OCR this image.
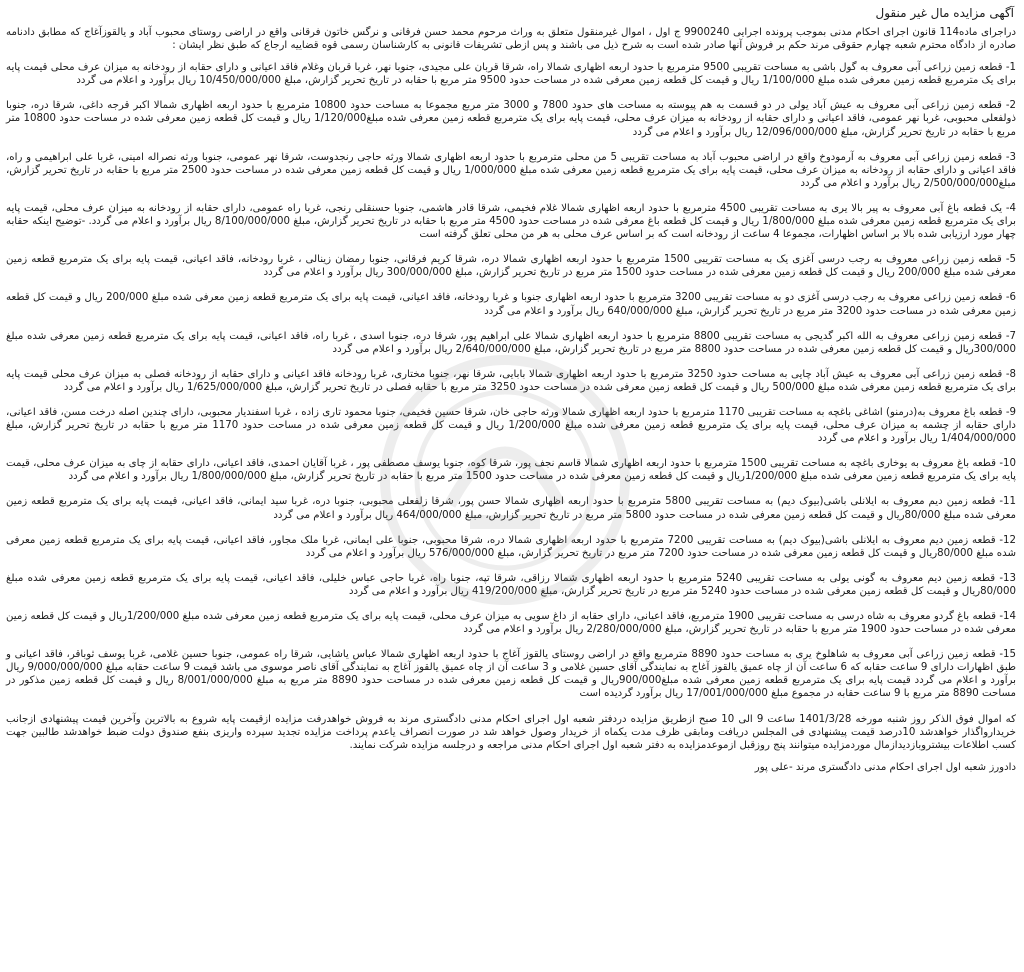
آگهی مزایده مال غیر منقول

دراجرای ماده114 قانون اجرای احکام مدنی بموجب پرونده اجرایی 9900240 ج اول ، اموال غیرمنقول متعلق به وراث مرحوم محمد حسن فرقانی و نرگس خاتون فرقانی واقع در اراضی روستای محبوب آباد و یالقوزآغاج که مطابق دادنامه صادره از دادگاه محترم شعبه چهارم حقوقی مرند حکم بر فروش آنها صادر شده است به شرح ذیل می باشند و پس ازطی تشریفات قانونی به کارشناسان رسمی قوه قضاییه ارجاع که طبق نظر ایشان :

1- قطعه زمین زراعی آبی معروف به گول باشی به مساحت تقریبی 9500 مترمربع با حدود اربعه اظهاری شمالا راه، شرقا قربان علی مجیدی، جنوبا نهر، غربا قربان وغلام فاقد اعیانی و دارای حقابه از رودخانه به میزان عرف محلی قیمت پایه برای یک مترمربع قطعه زمین معرفی شده مبلغ 1/100/000 ریال و قیمت کل قطعه زمین معرفی شده در مساحت حدود 9500 متر مربع با حقابه در تاریخ تحریر گزارش، مبلغ 10/450/000/000 ریال برآورد و اعلام می گردد

2- قطعه زمین زراعی آبی معروف به عیش آباد یولی در دو قسمت به هم پیوسته به مساحت های حدود 7800 و 3000 متر مربع مجموعا به مساحت حدود 10800 مترمربع با حدود اربعه اظهاری شمالا اکبر قرجه داغی، شرقا دره، جنوبا ذولفعلی محبوبی، غربا نهر عمومی، فاقد اعیانی و دارای حقابه از رودخانه به میزان عرف محلی، قیمت پایه برای یک مترمربع قطعه زمین معرفی شده مبلغ1/120/000 ریال و قیمت کل قطعه زمین معرفی شده در مساحت حدود 10800 متر مربع با حقابه در تاریخ تحریر گزارش، مبلغ 12/096/000/000 ریال برآورد و اعلام می گردد

3- قطعه زمین زراعی آبی معروف به آرمودوخ واقع در اراضی محبوب آباد به مساحت تقریبی 5 من محلی مترمربع با حدود اربعه اظهاری شمالا ورثه حاجی رنجدوست، شرقا نهر عمومی، جنوبا ورثه نصراله امینی، غربا علی ابراهیمی و راه، فاقد اعیانی و دارای حقابه از رودخانه به میزان عرف محلی، قیمت پایه برای یک مترمربع قطعه زمین معرفی شده مبلغ 1/000/000 ریال و قیمت کل قطعه زمین معرفی شده در مساحت حدود 2500 متر مربع با حقابه در تاریخ تحریر گزارش، مبلغ2/500/000/000 ریال برآورد و اعلام می گردد

4- یک قطعه باغ آبی معروف به پیر بالا یری به مساحت تقریبی 4500 مترمربع با حدود اربعه اظهاری شمالا غلام فخیمی، شرقا قادر هاشمی، جنوبا حسنقلی رنجی، غربا راه عمومی، دارای حقابه از رودخانه به میزان عرف محلی، قیمت پایه برای یک مترمربع قطعه زمین معرفی شده مبلغ 1/800/000 ریال و قیمت کل قطعه باغ معرفی شده در مساحت حدود 4500 متر مربع با حقابه در تاریخ تحریر گزارش، مبلغ 8/100/000/000 ریال برآورد و اعلام می گردد. -توضیح اینکه حقابه چهار مورد ارزیابی شده بالا بر اساس اظهارات، مجموعا 4 ساعت از رودخانه است که بر اساس عرف محلی به هر من محلی تعلق گرفته است

5- قطعه زمین زراعی معروف به رجب درسی آغزی یک به مساحت تقریبی 1500 مترمربع با حدود اربعه اظهاری شمالا دره، شرقا کریم فرقانی، جنوبا رمضان زینالی ، غربا رودخانه، فاقد اعیانی، قیمت پایه برای یک مترمربع قطعه زمین معرفی شده مبلغ 200/000 ریال و قیمت کل قطعه زمین معرفی شده در مساحت حدود 1500 متر مربع در تاریخ تحریر گزارش، مبلغ 300/000/000 ریال برآورد و اعلام می گردد

6- قطعه زمین زراعی معروف به رجب درسی آغزی دو به مساحت تقریبی 3200 مترمربع با حدود اربعه اظهاری جنوبا و غربا رودخانه، فاقد اعیانی، قیمت پایه برای یک مترمربع قطعه زمین معرفی شده مبلغ 200/000 ریال و قیمت کل قطعه زمین معرفی شده در مساحت حدود 3200 متر مربع در تاریخ تحریر گزارش، مبلغ 640/000/000 ریال برآورد و اعلام می گردد

7- قطعه زمین زراعی معروف به الله اکبر گدیجی به مساحت تقریبی 8800 مترمربع با حدود اربعه اظهاری شمالا علی ابراهیم پور، شرقا دره، جنوبا اسدی ، غربا راه، فاقد اعیانی، قیمت پایه برای یک مترمربع قطعه زمین معرفی شده مبلغ 300/000ریال و قیمت کل قطعه زمین معرفی شده در مساحت حدود 8800 متر مربع در تاریخ تحریر گزارش، مبلغ 2/640/000/000 ریال برآورد و اعلام می گردد

8- قطعه زمین زراعی آبی معروف به عیش آباد چایی به مساحت حدود 3250 مترمربع با حدود اربعه اظهاری شمالا بابایی، شرقا نهر، جنوبا مختاری، غربا رودخانه فاقد اعیانی و دارای حقابه از رودخانه فصلی به میزان عرف محلی قیمت پایه برای یک مترمربع قطعه زمین معرفی شده مبلغ 500/000 ریال و قیمت کل قطعه زمین معرفی شده در مساحت حدود 3250 متر مربع با حقابه فصلی در تاریخ تحریر گزارش، مبلغ 1/625/000/000 ریال برآورد و اعلام می گردد

9- قطعه باغ معروف به(درمنو) اشاغی باغچه به مساحت تقریبی 1170 مترمربع با حدود اربعه اظهاری شمالا ورثه حاجی خان، شرقا حسین فخیمی، جنوبا محمود تاری زاده ، غربا اسفندیار محبوبی، دارای چندین اصله درخت مسن، فاقد اعیانی، دارای حقابه از چشمه به میزان عرف محلی، قیمت پایه برای یک مترمربع قطعه زمین معرفی شده مبلغ 1/200/000 ریال و قیمت کل قطعه زمین معرفی شده در مساحت حدود 1170 متر مربع با حقابه در تاریخ تحریر گزارش، مبلغ 1/404/000/000 ریال برآورد و اعلام می گردد

10- قطعه باغ معروف به یوخاری باغچه به مساحت تقریبی 1500 مترمربع با حدود اربعه اظهاری شمالا قاسم نجف پور، شرقا کوه، جنوبا یوسف مصطفی پور ، غربا آقایان احمدی، فاقد اعیانی، دارای حقابه از چای به میزان عرف محلی، قیمت پایه برای یک مترمربع قطعه زمین معرفی شده مبلغ 1/200/000ریال و قیمت کل قطعه زمین معرفی شده در مساحت حدود 1500 متر مربع با حقابه در تاریخ تحریر گزارش، مبلغ 1/800/000/000 ریال برآورد و اعلام می گردد

11- قطعه زمین دیم معروف به ایلانلی باشی(بیوک دیم) به مساحت تقریبی 5800 مترمربع با حدود اربعه اظهاری شمالا حسن پور، شرقا زلفعلی محبوبی، جنوبا دره، غربا سید ایمانی، فاقد اعیانی، قیمت پایه برای یک مترمربع قطعه زمین معرفی شده مبلغ 80/000ریال و قیمت کل قطعه زمین معرفی شده در مساحت حدود 5800 متر مربع در تاریخ تحریر گزارش، مبلغ 464/000/000 ریال برآورد و اعلام می گردد

12- قطعه زمین دیم معروف به ایلانلی باشی(بیوک دیم) به مساحت تقریبی 7200 مترمربع با حدود اربعه اظهاری شمالا دره، شرقا محبوبی، جنوبا علی ایمانی، غربا ملک مجاور، فاقد اعیانی، قیمت پایه برای یک مترمربع قطعه زمین معرفی شده مبلغ 80/000ریال و قیمت کل قطعه زمین معرفی شده در مساحت حدود 7200 متر مربع در تاریخ تحریر گزارش، مبلغ 576/000/000 ریال برآورد و اعلام می گردد

13- قطعه زمین دیم معروف به گونی یولی به مساحت تقریبی 5240 مترمربع با حدود اربعه اظهاری شمالا رزاقی، شرقا تپه، جنوبا راه، غربا حاجی عباس خلیلی، فاقد اعیانی، قیمت پایه برای یک مترمربع قطعه زمین معرفی شده مبلغ 80/000ریال و قیمت کل قطعه زمین معرفی شده در مساحت حدود 5240 متر مربع در تاریخ تحریر گزارش، مبلغ 419/200/000 ریال برآورد و اعلام می گردد

14- قطعه باغ گردو معروف به شاه درسی به مساحت تقریبی 1900 مترمربع، فاقد اعیانی، دارای حقابه از داغ سویی به میزان عرف محلی، قیمت پایه برای یک مترمربع قطعه زمین معرفی شده مبلغ 1/200/000ریال و قیمت کل قطعه زمین معرفی شده در مساحت حدود 1900 متر مربع با حقابه در تاریخ تحریر گزارش، مبلغ 2/280/000/000 ریال برآورد و اعلام می گردد

15- قطعه زمین زراعی آبی معروف به شاهلوخ یری به مساحت حدود 8890 مترمربع واقع در اراضی روستای یالقوز آغاج با حدود اربعه اظهاری شمالا عباس یاشایی، شرقا راه عمومی، جنوبا حسین غلامی، غربا یوسف ثوباقر، فاقد اعیانی و طبق اظهارات دارای 9 ساعت حقابه که 6 ساعت آن از چاه عمیق یالقوز آغاج به نمایندگی آقای حسین غلامی و 3 ساعت آن از چاه عمیق یالقوز آغاج به نمایندگی آقای ناصر موسوی می باشد قیمت 9 ساعت حقابه مبلغ 9/000/000/000 ریال برآورد و اعلام می گردد قیمت پایه برای یک مترمربع قطعه زمین معرفی شده مبلغ900/000ریال و قیمت کل قطعه زمین معرفی شده در مساحت حدود 8890 متر مربع به مبلغ 8/001/000/000 ریال و قیمت کل قطعه زمین مذکور در مساحت 8890 متر مربع با 9 ساعت حقابه در مجموع مبلغ 17/001/000/000 ریال برآورد گردیده است

که اموال فوق الذکر روز شنبه مورخه 1401/3/28 ساعت 9 الی 10 صبح ازطریق مزایده دردفتر شعبه اول اجرای احکام مدنی دادگستری مرند به فروش خواهدرفت مزایده ازقیمت پایه شروع به بالاترین وآخرین قیمت پیشنهادی ازجانب خریدارواگذار خواهدشد 10درصد قیمت پیشنهادی فی المجلس دریافت ومابقی ظرف مدت یکماه از خریدار وصول خواهد شد در صورت انصراف یاعدم پرداخت مزایده تجدید سپرده واریزی بنفع صندوق دولت ضبط خواهدشد طالبین جهت کسب اطلاعات بیشتروبازدیدازمال موردمزایده میتوانند پنج روزقبل ازموعدمزایده به دفتر شعبه اول اجرای احکام مدنی مراجعه و درجلسه مزایده شرکت نمایند.

دادورز شعبه اول اجرای احکام مدنی دادگستری مرند -علی پور
